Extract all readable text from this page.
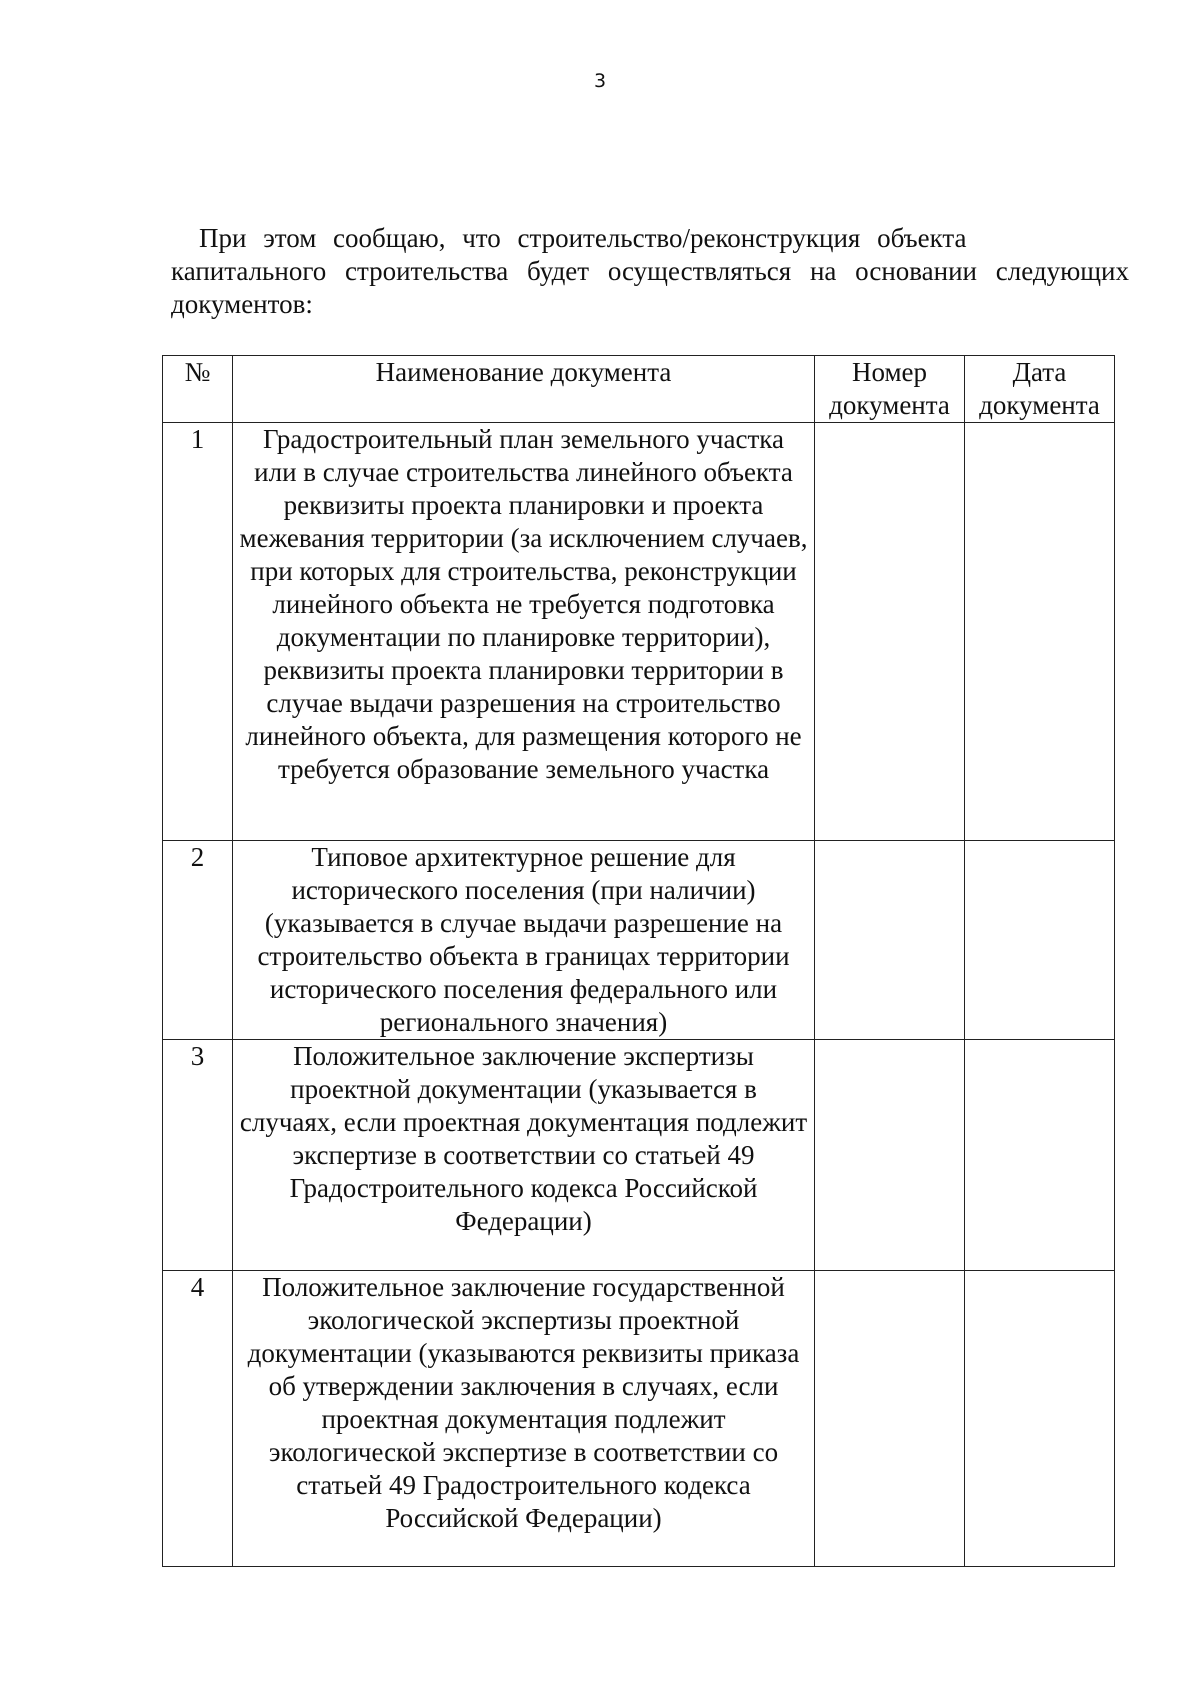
3
При этом сообщаю, что строительство/реконструкция объекта
капитального строительства будет осуществляться на основании следующих
документов:
№	Наименование документа	Номер документа	Дата документа
1	Градостроительный план земельного участка или в случае строительства линейного объекта реквизиты проекта планировки и проекта межевания территории (за исключением случаев, при которых для строительства, реконструкции линейного объекта не требуется подготовка документации по планировке территории), реквизиты проекта планировки территории в случае выдачи разрешения на строительство линейного объекта, для размещения которого не требуется образование земельного участка		
2	Типовое архитектурное решение для исторического поселения (при наличии) (указывается в случае выдачи разрешение на строительство объекта в границах территории исторического поселения федерального или регионального значения)		
3	Положительное заключение экспертизы проектной документации (указывается в случаях, если проектная документация подлежит экспертизе в соответствии со статьей 49 Градостроительного кодекса Российской Федерации)		
4	Положительное заключение государственной экологической экспертизы проектной документации (указываются реквизиты приказа об утверждении заключения в случаях, если проектная документация подлежит экологической экспертизе в соответствии со статьей 49 Градостроительного кодекса Российской Федерации)		
